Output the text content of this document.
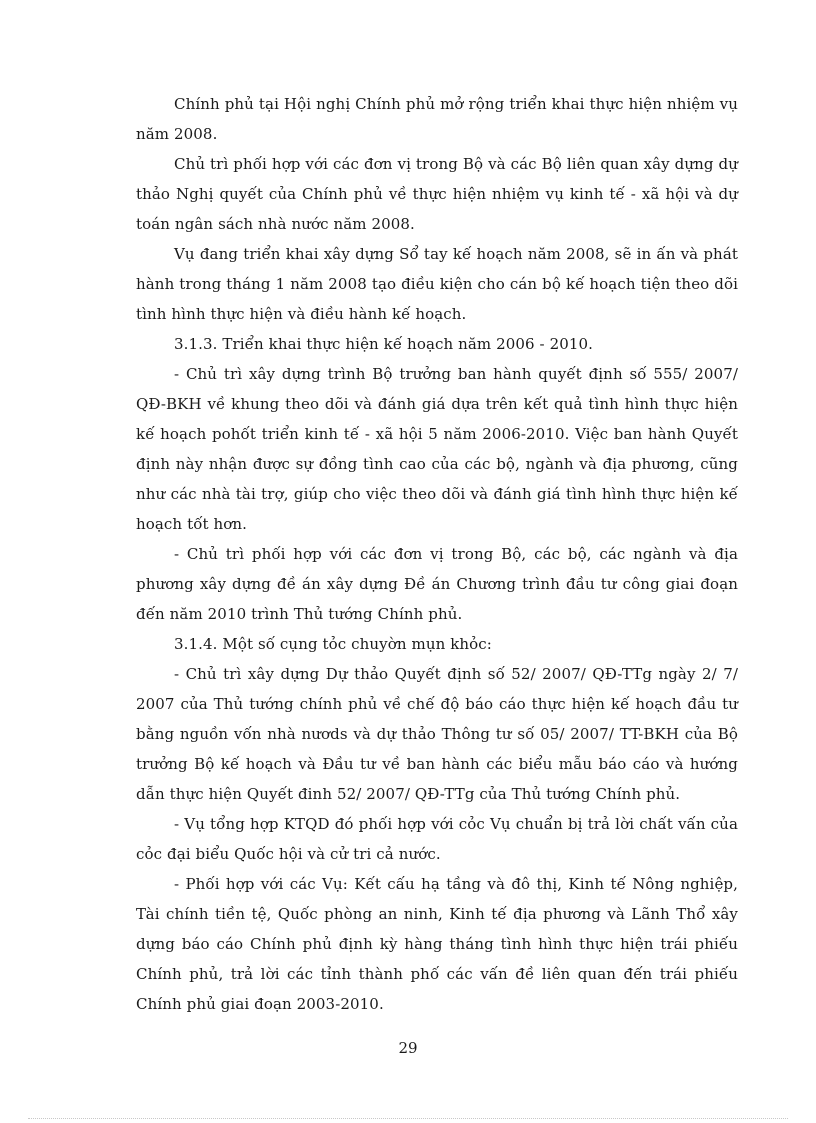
Chính phủ tại Hội nghị Chính phủ mở rộng triển khai thực hiện nhiệm vụ năm 2008.

Chủ trì phối hợp với các đơn vị trong Bộ và các Bộ liên quan xây dựng dự thảo Nghị quyết của Chính phủ về thực hiện nhiệm vụ kinh tế - xã hội và dự toán ngân sách nhà nước năm 2008.

Vụ đang triển khai xây dựng Sổ tay kế hoạch năm 2008, sẽ in ấn và phát hành trong tháng 1 năm 2008 tạo điều kiện cho cán bộ kế hoạch tiện theo dõi tình hình thực hiện và điều hành kế hoạch.

3.1.3. Triển khai thực hiện kế hoạch năm 2006 - 2010.

- Chủ trì xây dựng trình Bộ trưởng ban hành quyết định số 555/ 2007/ QĐ-BKH về khung theo dõi và đánh giá dựa trên kết quả tình hình thực hiện kế hoạch pohốt triển kinh tế - xã hội 5 năm 2006-2010. Việc ban hành Quyết định này nhận được sự đồng tình cao của các bộ, ngành và địa phương, cũng như các nhà tài trợ, giúp cho việc theo dõi và đánh giá tình hình thực hiện kế hoạch tốt hơn.

- Chủ trì phối hợp với các đơn vị trong Bộ, các bộ, các ngành và địa phương xây dựng đề án xây dựng Đề án Chương trình đầu tư công giai đoạn đến năm 2010 trình Thủ tướng Chính phủ.

3.1.4. Một số cụng tỏc chuyờn mụn khỏc:

- Chủ trì xây dựng Dự thảo Quyết định số 52/ 2007/ QĐ-TTg ngày 2/ 7/ 2007 của Thủ tướng chính phủ về chế độ báo cáo thực hiện kế hoạch đầu tư bằng nguồn vốn nhà nươds và dự thảo Thông tư số 05/ 2007/ TT-BKH của Bộ trưởng Bộ kế hoạch và Đầu tư về ban hành các biểu mẫu báo cáo và hướng dẫn thực hiện Quyết đinh 52/ 2007/ QĐ-TTg của Thủ tướng Chính phủ.

- Vụ tổng hợp KTQD đó phối hợp với cỏc Vụ chuẩn bị trả lời chất vấn của cỏc đại biểu Quốc hội và cử tri cả nước.

- Phối hợp với các Vụ: Kết cấu hạ tầng và đô thị, Kinh tế Nông nghiệp, Tài chính tiền tệ, Quốc phòng an ninh, Kinh tế địa phương và Lãnh Thổ xây dựng báo cáo Chính phủ định kỳ hàng tháng tình hình thực hiện trái phiếu Chính phủ, trả lời các tỉnh thành phố các vấn đề liên quan đến trái phiếu Chính phủ giai đoạn 2003-2010.

29
